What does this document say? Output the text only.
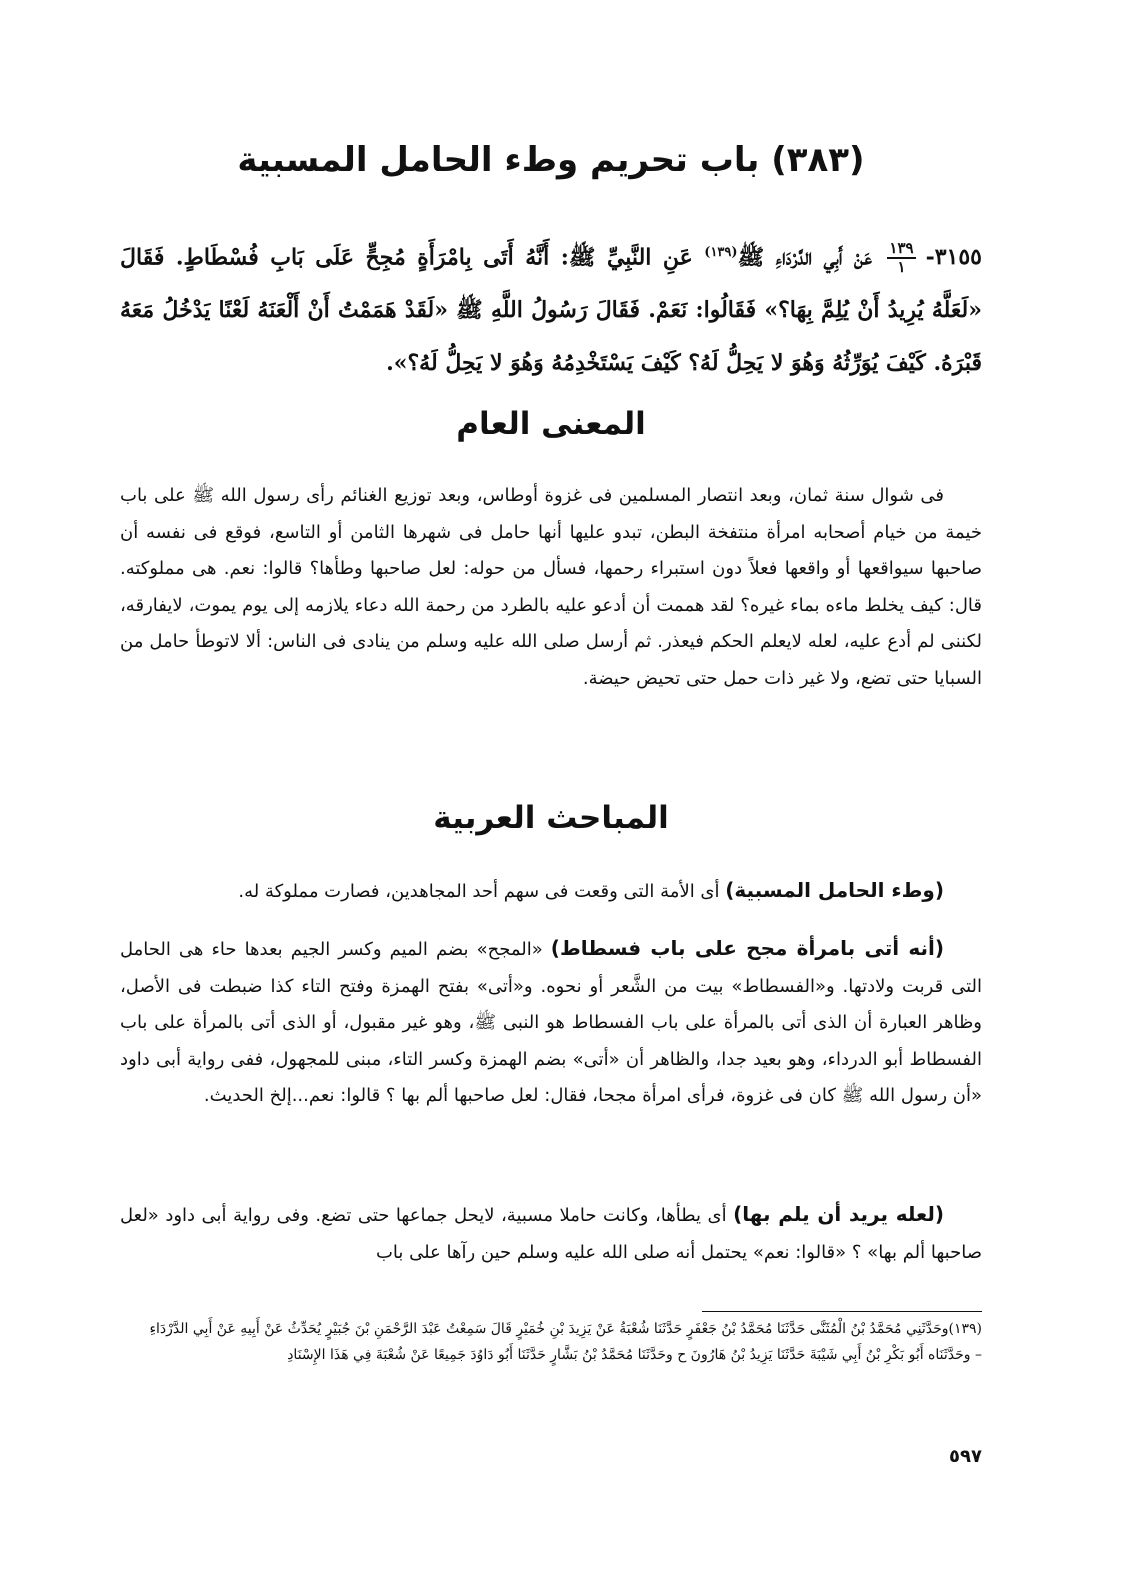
(٣٨٣) باب تحريم وطء الحامل المسبية

٣١٥٥-
$\frac{١٣٩}{١}$
عَنْ أَبِي الدَّرْدَاءِ ﷺ$^{(١٣٩)}$ عَنِ النَّبِيِّ ﷺ: أَنَّهُ أَتَى بِامْرَأَةٍ مُجِحٍّ عَلَى بَابِ فُسْطَاطٍ. فَقَالَ «لَعَلَّهُ يُرِيدُ أَنْ يُلِمَّ بِهَا؟» فَقَالُوا: نَعَمْ. فَقَالَ رَسُولُ اللَّهِ ﷺ «لَقَدْ هَمَمْتُ أَنْ أَلْعَنَهُ لَعْنًا يَدْخُلُ مَعَهُ قَبْرَهُ. كَيْفَ يُوَرِّثُهُ وَهُوَ لا يَحِلُّ لَهُ؟ كَيْفَ يَسْتَخْدِمُهُ وَهُوَ لا يَحِلُّ لَهُ؟».

المعنى العام

فى شوال سنة ثمان، وبعد انتصار المسلمين فى غزوة أوطاس، وبعد توزيع الغنائم رأى رسول الله ﷺ على باب خيمة من خيام أصحابه امرأة منتفخة البطن، تبدو عليها أنها حامل فى شهرها الثامن أو التاسع، فوقع فى نفسه أن صاحبها سيواقعها أو واقعها فعلاً دون استبراء رحمها، فسأل من حوله: لعل صاحبها وطأها؟ قالوا: نعم. هى مملوكته. قال: كيف يخلط ماءه بماء غيره؟ لقد هممت أن أدعو عليه بالطرد من رحمة الله دعاء يلازمه إلى يوم يموت، لايفارقه، لكننى لم أدع عليه، لعله لايعلم الحكم فيعذر. ثم أرسل صلى الله عليه وسلم من ينادى فى الناس: ألا لاتوطأ حامل من السبايا حتى تضع، ولا غير ذات حمل حتى تحيض حيضة.

المباحث العربية

(وطء الحامل المسبية) أى الأمة التى وقعت فى سهم أحد المجاهدين، فصارت مملوكة له.

(أنه أتى بامرأة مجح على باب فسطاط) «المجح» بضم الميم وكسر الجيم بعدها حاء هى الحامل التى قربت ولادتها. و«الفسطاط» بيت من الشَّعر أو نحوه. و«أتى» بفتح الهمزة وفتح التاء كذا ضبطت فى الأصل، وظاهر العبارة أن الذى أتى بالمرأة على باب الفسطاط هو النبى ﷺ، وهو غير مقبول، أو الذى أتى بالمرأة على باب الفسطاط أبو الدرداء، وهو بعيد جدا، والظاهر أن «أتى» بضم الهمزة وكسر التاء، مبنى للمجهول، ففى رواية أبى داود «أن رسول الله ﷺ كان فى غزوة، فرأى امرأة مجحا، فقال: لعل صاحبها ألم بها ؟ قالوا: نعم...إلخ الحديث.

(لعله يريد أن يلم بها) أى يطأها، وكانت حاملا مسبية، لايحل جماعها حتى تضع. وفى رواية أبى داود «لعل صاحبها ألم بها» ؟ «قالوا: نعم» يحتمل أنه صلى الله عليه وسلم حين رآها على باب

(١٣٩)وحَدَّثَنِي مُحَمَّدُ بْنُ الْمُثَنَّى حَدَّثَنَا مُحَمَّدُ بْنُ جَعْفَرٍ حَدَّثَنَا شُعْبَةُ عَنْ يَزِيدَ بْنِ خُمَيْرٍ قَالَ سَمِعْتُ عَبْدَ الرَّحْمَنِ بْنَ جُبَيْرٍ يُحَدِّثُ عَنْ أَبِيهِ عَنْ أَبِي الدَّرْدَاءِ

– وحَدَّثَنَاه أَبُو بَكْرِ بْنُ أَبِي شَيْبَةَ حَدَّثَنَا يَزِيدُ بْنُ هَارُونَ ح وحَدَّثَنَا مُحَمَّدُ بْنُ بَشَّارٍ حَدَّثَنَا أَبُو دَاوُدَ جَمِيعًا عَنْ شُعْبَةَ فِي هَذَا الإِسْنَادِ

٥٩٧
